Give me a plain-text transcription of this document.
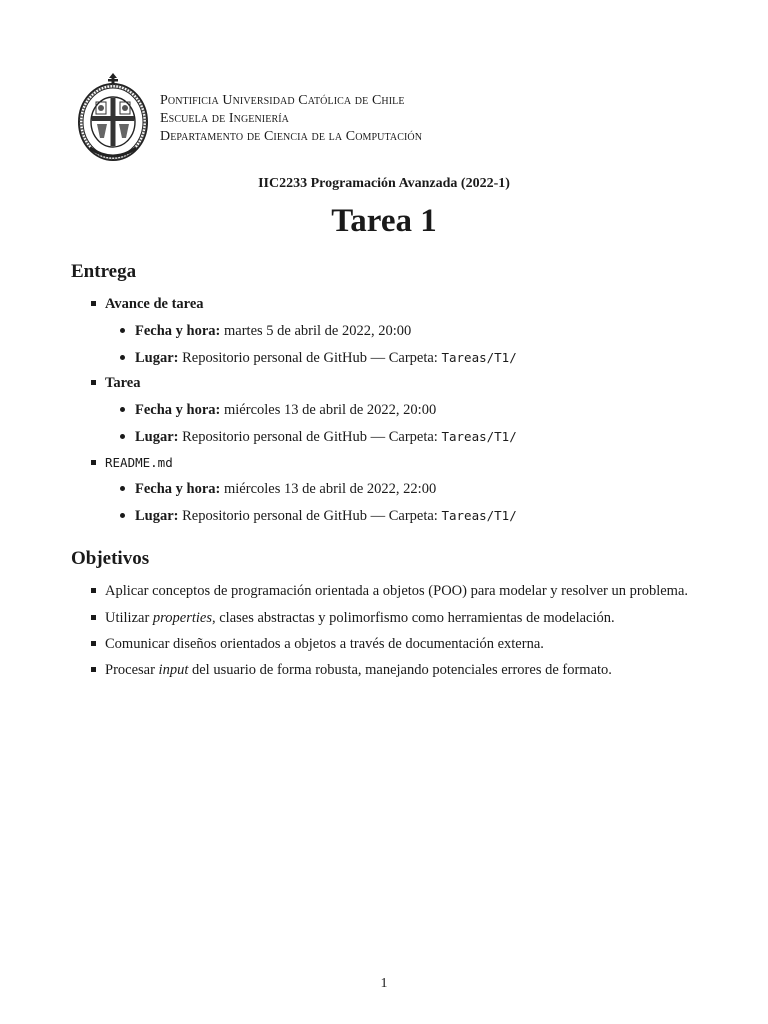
Pontificia Universidad Católica de Chile
Escuela de Ingeniería
Departamento de Ciencia de la Computación
IIC2233 Programación Avanzada (2022-1)
Tarea 1
Entrega
Avance de tarea
Fecha y hora: martes 5 de abril de 2022, 20:00
Lugar: Repositorio personal de GitHub — Carpeta: Tareas/T1/
Tarea
Fecha y hora: miércoles 13 de abril de 2022, 20:00
Lugar: Repositorio personal de GitHub — Carpeta: Tareas/T1/
README.md
Fecha y hora: miércoles 13 de abril de 2022, 22:00
Lugar: Repositorio personal de GitHub — Carpeta: Tareas/T1/
Objetivos
Aplicar conceptos de programación orientada a objetos (POO) para modelar y resolver un problema.
Utilizar properties, clases abstractas y polimorfismo como herramientas de modelación.
Comunicar diseños orientados a objetos a través de documentación externa.
Procesar input del usuario de forma robusta, manejando potenciales errores de formato.
1
